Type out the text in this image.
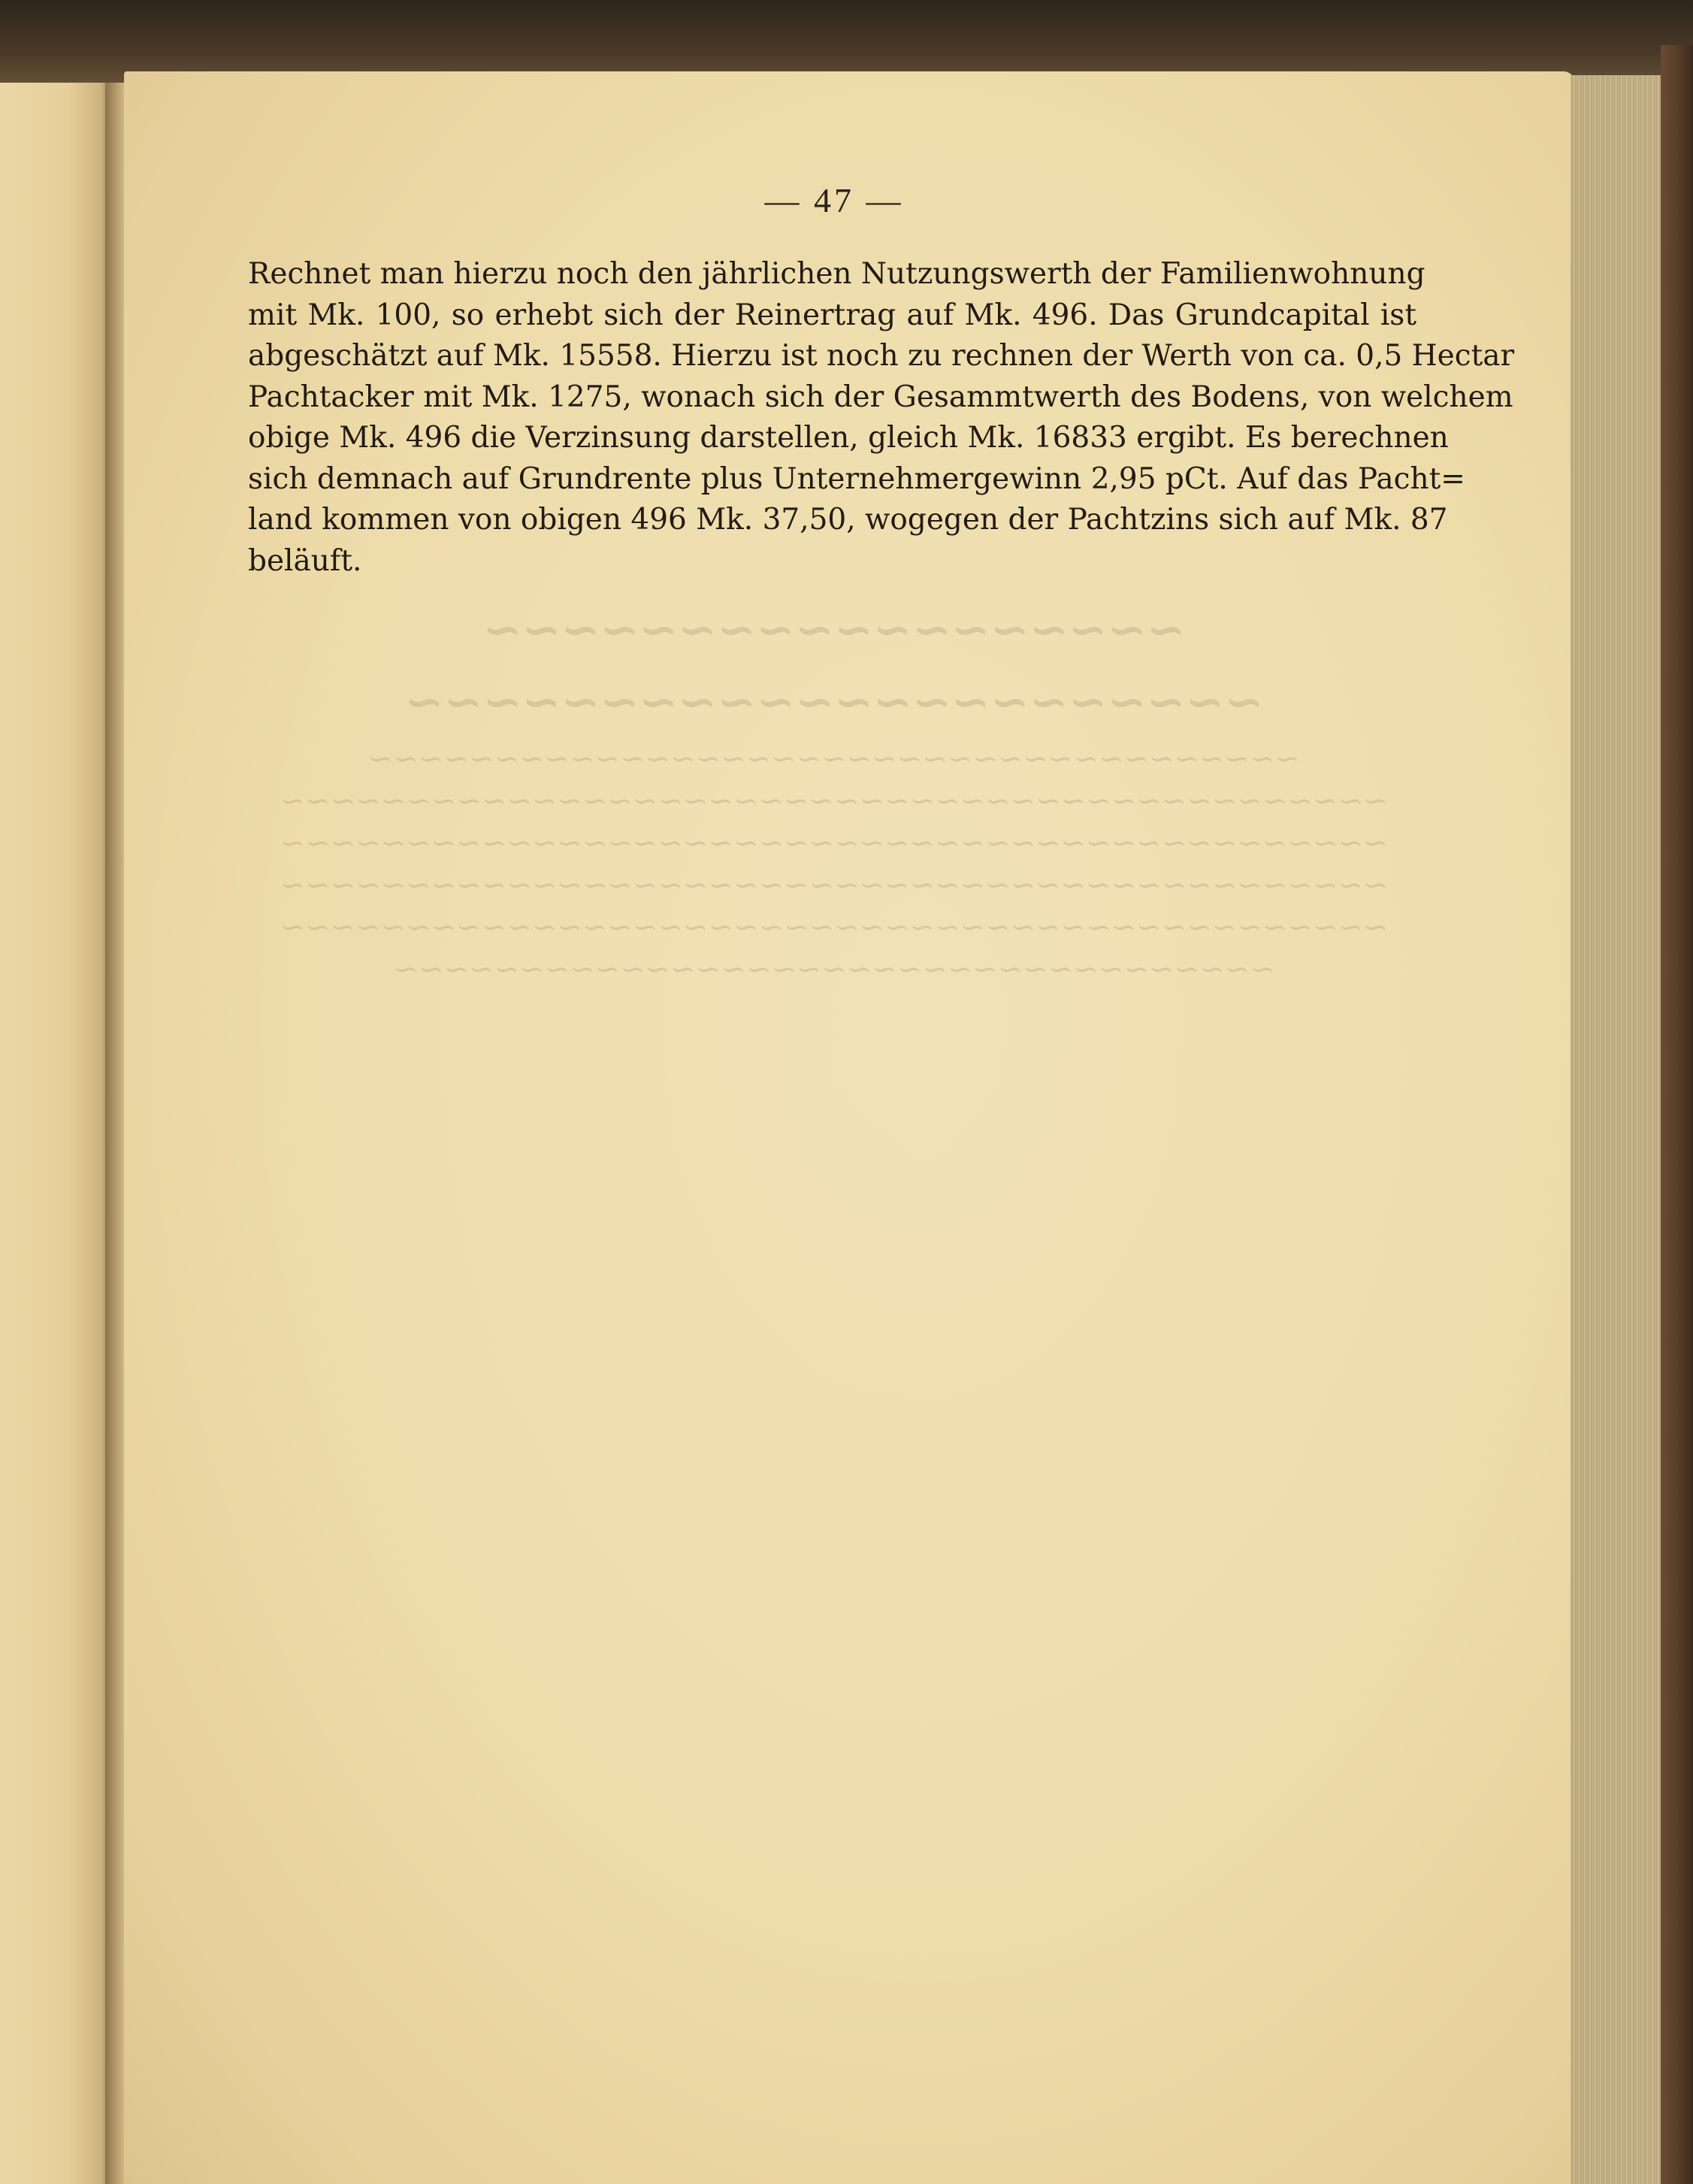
— 47 —
Rechnet man hierzu noch den jährlichen Nutzungswerth der Familienwohnung
mit Mk. 100, so erhebt sich der Reinertrag auf Mk. 496. Das Grundcapital ist
abgeschätzt auf Mk. 15558. Hierzu ist noch zu rechnen der Werth von ca. 0,5 Hectar
Pachtacker mit Mk. 1275, wonach sich der Gesammtwerth des Bodens, von welchem
obige Mk. 496 die Verzinsung darstellen, gleich Mk. 16833 ergibt. Es berechnen
sich demnach auf Grundrente plus Unternehmergewinn 2,95 pCt. Auf das Pacht=
land kommen von obigen 496 Mk. 37,50, wogegen der Pachtzins sich auf Mk. 87
beläuft.
